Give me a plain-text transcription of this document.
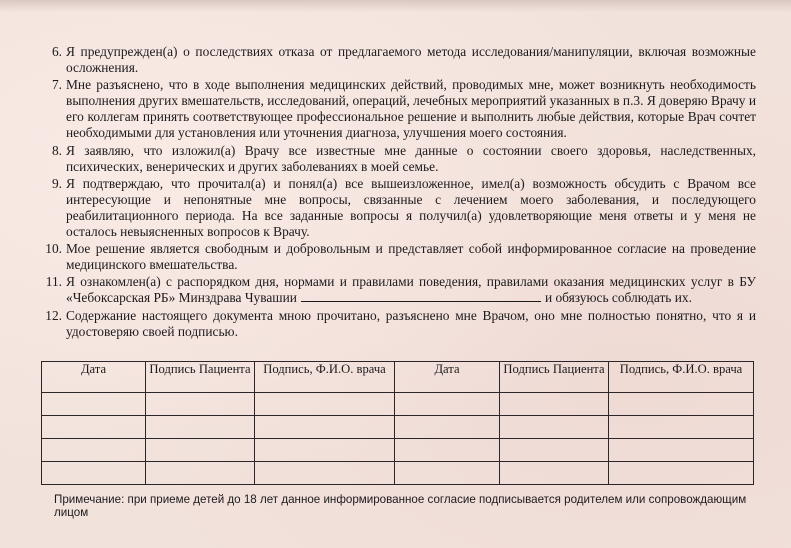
6. Я предупрежден(а) о последствиях отказа от предлагаемого метода исследования/манипуляции, включая возможные осложнения.
7. Мне разъяснено, что в ходе выполнения медицинских действий, проводимых мне, может возникнуть необходимость выполнения других вмешательств, исследований, операций, лечебных мероприятий указанных в п.3. Я доверяю Врачу и его коллегам принять соответствующее профессиональное решение и выполнить любые действия, которые Врач сочтет необходимыми для установления или уточнения диагноза, улучшения моего состояния.
8. Я заявляю, что изложил(а) Врачу все известные мне данные о состоянии своего здоровья, наследственных, психических, венерических и других заболеваниях в моей семье.
9. Я подтверждаю, что прочитал(а) и понял(а) все вышеизложенное, имел(а) возможность обсудить с Врачом все интересующие и непонятные мне вопросы, связанные с лечением моего заболевания, и последующего реабилитационного периода. На все заданные вопросы я получил(а) удовлетворяющие меня ответы и у меня не осталось невыясненных вопросов к Врачу.
10. Мое решение является свободным и добровольным и представляет собой информированное согласие на проведение медицинского вмешательства.
11. Я ознакомлен(а) с распорядком дня, нормами и правилами поведения, правилами оказания медицинских услуг в БУ «Чебоксарская РБ» Минздрава Чувашии	и обязуюсь соблюдать их.
12. Содержание настоящего документа мною прочитано, разъяснено мне Врачом, оно мне полностью понятно, что я и удостоверяю своей подписью.
Дата	Подпись Пациента	Подпись, Ф.И.О. врача	Дата	Подпись Пациента	Подпись, Ф.И.О. врача

Примечание: при приеме детей до 18 лет данное информированное согласие подписывается родителем или сопровождающим лицом
